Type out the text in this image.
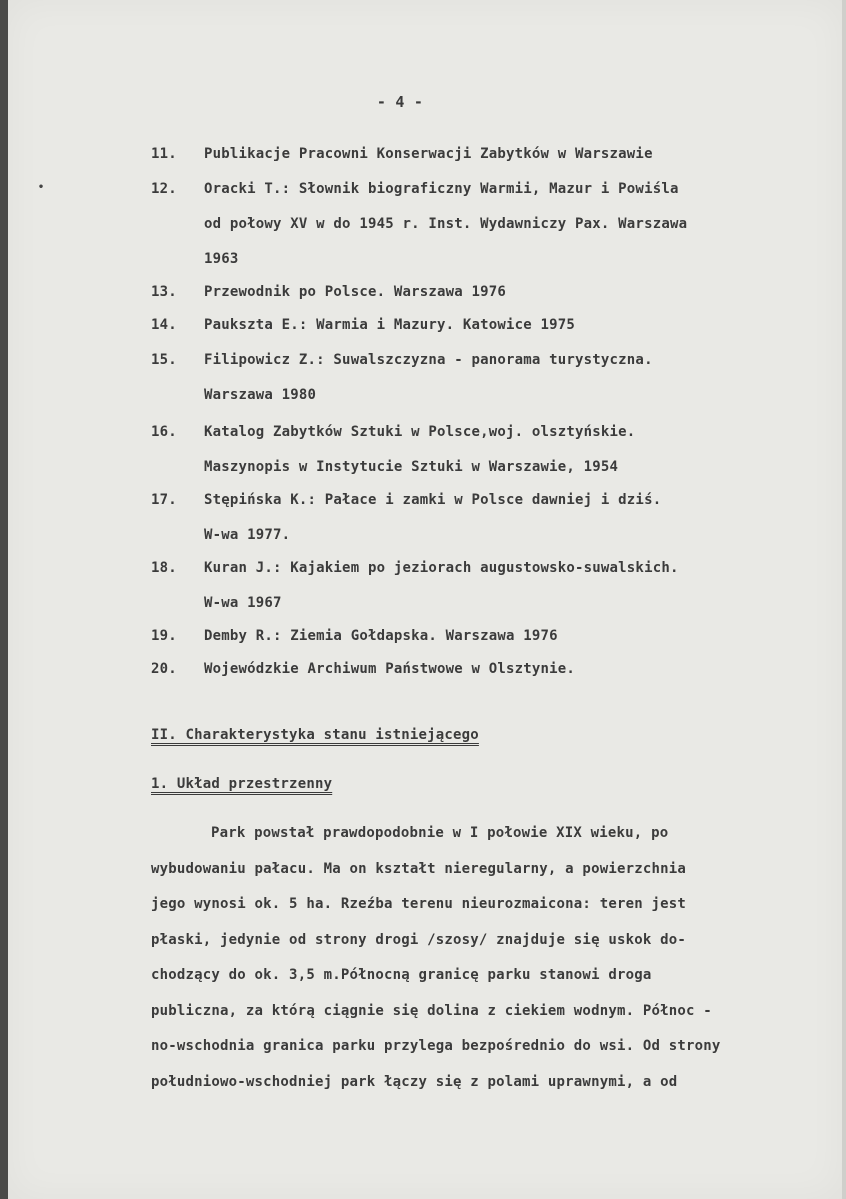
- 4 -
•
11.	Publikacje Pracowni Konserwacji Zabytków w Warszawie
12.	Oracki T.: Słownik biograficzny Warmii, Mazur i Powiśla
od połowy XV w do 1945 r. Inst. Wydawniczy Pax. Warszawa
1963
13.	Przewodnik po Polsce. Warszawa 1976
14.	Paukszta E.: Warmia i Mazury. Katowice 1975
15.	Filipowicz Z.: Suwalszczyzna - panorama turystyczna.
Warszawa 1980
16.	Katalog Zabytków Sztuki w Polsce,woj. olsztyńskie.
Maszynopis w Instytucie Sztuki w Warszawie, 1954
17.	Stępińska K.: Pałace i zamki w Polsce dawniej i dziś.
W-wa 1977.
18.	Kuran J.: Kajakiem po jeziorach augustowsko-suwalskich.
W-wa 1967
19.	Demby R.: Ziemia Gołdapska. Warszawa 1976
20.	Wojewódzkie Archiwum Państwowe w Olsztynie.
II. Charakterystyka stanu istniejącego
1. Układ przestrzenny
Park powstał prawdopodobnie w I połowie XIX wieku, po
wybudowaniu pałacu. Ma on kształt nieregularny, a powierzchnia
jego wynosi ok. 5 ha. Rzeźba terenu nieurozmaicona: teren jest
płaski, jedynie od strony drogi /szosy/ znajduje się uskok do-
chodzący do ok. 3,5 m.Północną granicę parku stanowi droga
publiczna, za którą ciągnie się dolina z ciekiem wodnym. Północ -
no-wschodnia granica parku przylega bezpośrednio do wsi. Od strony
południowo-wschodniej park łączy się z polami uprawnymi, a od
